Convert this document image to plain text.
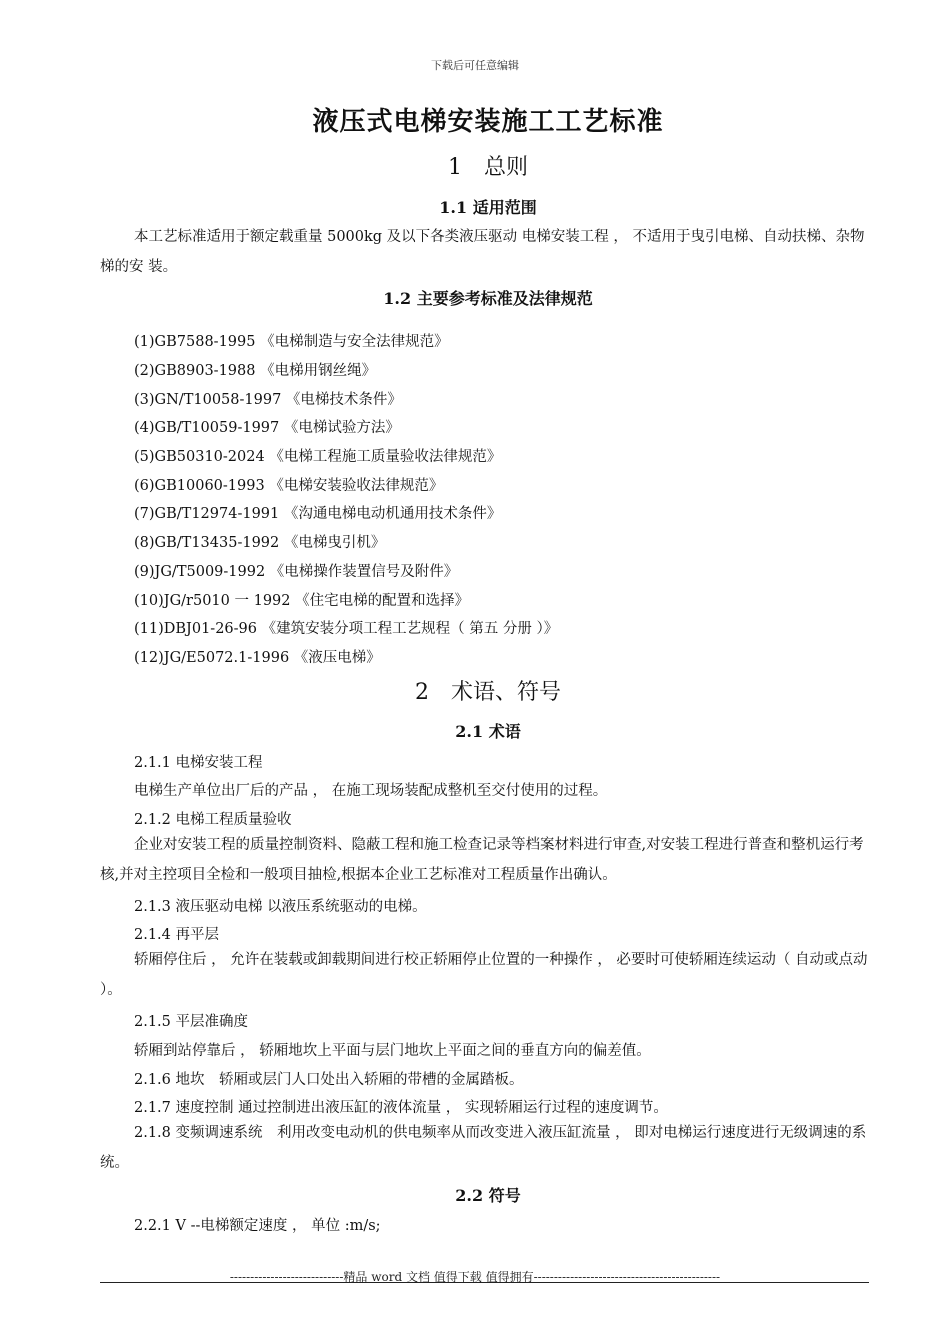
下载后可任意编辑
液压式电梯安装施工工艺标准
1　总则
1.1 适用范围
本工艺标准适用于额定载重量 5000kg 及以下各类液压驱动 电梯安装工程 ， 不适用于曳引电梯、自动扶梯、杂物梯的安 装。
1.2 主要参考标准及法律规范
(1)GB7588-1995 《电梯制造与安全法律规范》
(2)GB8903-1988 《电梯用钢丝绳》
(3)GN/T10058-1997 《电梯技术条件》
(4)GB/T10059-1997 《电梯试验方法》
(5)GB50310-2024 《电梯工程施工质量验收法律规范》
(6)GB10060-1993 《电梯安装验收法律规范》
(7)GB/T12974-1991 《沟通电梯电动机通用技术条件》
(8)GB/T13435-1992 《电梯曳引机》
(9)JG/T5009-1992 《电梯操作装置信号及附件》
(10)JG/r5010 一 1992 《住宅电梯的配置和选择》
(11)DBJ01-26-96 《建筑安装分项工程工艺规程（ 第五 分册 ）》
(12)JG/E5072.1-1996 《液压电梯》
2　术语、符号
2.1 术语
2.1.1 电梯安装工程
电梯生产单位出厂后的产品 ， 在施工现场装配成整机至交付使用的过程。
2.1.2 电梯工程质量验收
企业对安装工程的质量控制资料、隐蔽工程和施工检查记录等档案材料进行审查,对安装工程进行普查和整机运行考核,并对主控项目全检和一般项目抽检,根据本企业工艺标准对工程质量作出确认。
2.1.3 液压驱动电梯 以液压系统驱动的电梯。
2.1.4 再平层
轿厢停住后 ， 允许在装载或卸载期间进行校正轿厢停止位置的一种操作 ， 必要时可使轿厢连续运动（ 自动或点动 ）。
2.1.5 平层准确度
轿厢到站停靠后 ， 轿厢地坎上平面与层门地坎上平面之间的垂直方向的偏差值。
2.1.6 地坎　轿厢或层门人口处出入轿厢的带槽的金属踏板。
2.1.7 速度控制 通过控制进出液压缸的液体流量 ， 实现轿厢运行过程的速度调节。
2.1.8 变频调速系统　利用改变电动机的供电频率从而改变进入液压缸流量 ， 即对电梯运行速度进行无级调速的系统。
2.2 符号
2.2.1 V --电梯额定速度 ， 单位 :m/s;
----------------------------精品 word 文档 值得下载 值得拥有----------------------------------------------
